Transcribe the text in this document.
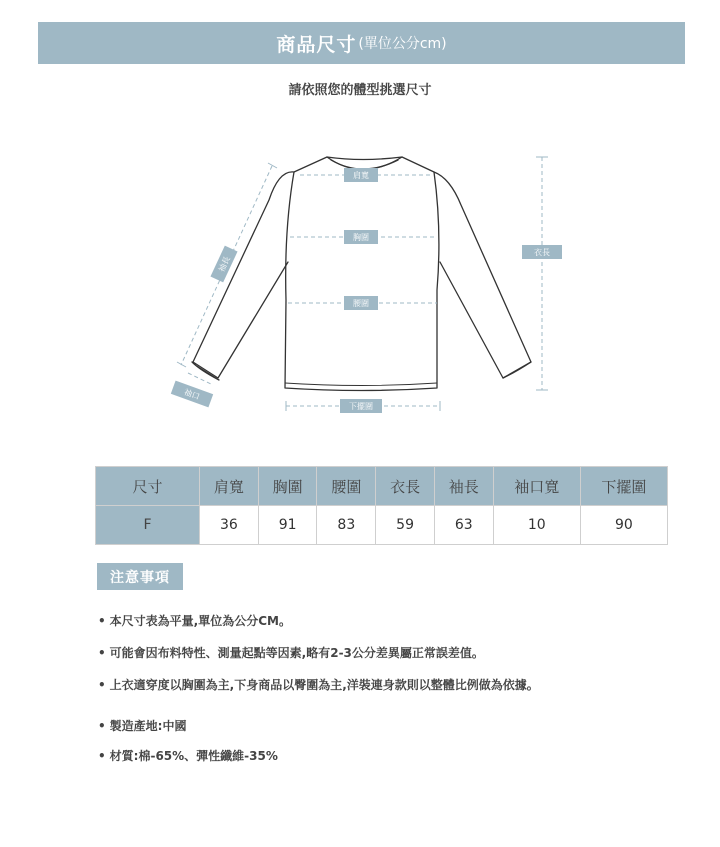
商品尺寸 (單位公分cm)
請依照您的體型挑選尺寸
肩寬
胸圍
腰圍
衣長
下擺圍
袖長
袖口
尺寸	肩寬	胸圍	腰圍	衣長	袖長	袖口寬	下擺圍
F	36	91	83	59	63	10	90
注意事項
• 本尺寸表為平量,單位為公分CM。
• 可能會因布料特性、測量起點等因素,略有2-3公分差異屬正常誤差值。
• 上衣適穿度以胸圍為主,下身商品以臀圍為主,洋裝連身款則以整體比例做為依據。
• 製造產地:中國
• 材質:棉-65%、彈性纖維-35%
